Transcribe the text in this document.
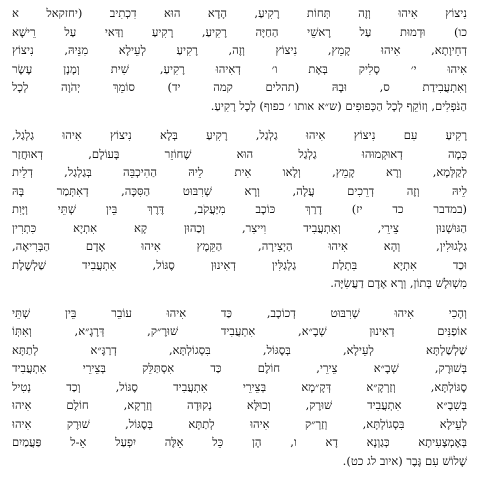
נִיצוֹץ אִיהוּ וְזֶה תְּחוֹת רָקִיעַ, הָדָא הוּא דִכְתִיב (יחזקאל א
כו) וּדְמוּת עַל רָאשֵׁי הַחַיָּה רָקִיעַ, רָקִיעַ וַדַּאי עַל רֵישָׁא
דְחֵיוָתָא, אִיהוּ קָמֵץ, נִיצוֹץ וְזֶה, רָקִיעַ לְעֵילָא מִנֵּיהּ, נִיצוֹץ
אִיהוּ י׳ סָלִיק בְּאָת ו׳ דְאִיהוּ רָקִיעַ, שִׁית וְמָנָן עֶשֶׂר
וְאִתְעֲבִידַת ס, וּבָהּ (תהלים קמה יד) סוֹמֵךְ יְהֹוָה לְכָל
הַנֹּפְלִים, וְזוֹקֵף לְכָל הַכְּפוּפִים (ש״א אותו ׳ כפוף) לְכָל רָקִיעַ.

רָקִיעַ עִם נִיצוֹץ אִיהוּ גַלְגַל, רָקִיעַ בְּלָא נִיצוֹץ אִיהוּ גַלְגַל,
כְּמָה דְאוּקְמוּהוּ גַלְגַל הוּא שֶׁחוֹזֵר בָּעוֹלָם, דְאוּחֲזַר
לְקַלְּמָא, וְרָא קָמֵץ, וְלָאו אִית לֵיהּ הַהִיכְבֵּה בְּגַלְגַל, דְלֵית
לֵיהּ וְזֶה דְרֵכִים עֲלָה, וְרָא שְׁרִבּוּט הַסִּכָּה, דְאִתְּמַר בָּהּ
(במדבר כד יז) דָרַךְ כּוֹכָב מִיַּעֲקֹב, דֶּרֶךְ בֵּין שְׁתֵּי וְיָּוִת
הַגּוּשְׁנוּן צֵירֵי, וְאִתְעֲבִיד וִייצִר, וְכַהוּן קָא אִתְיָא כִּתְרִין
גַלְגוּלִין, וְהָא אִיהוּ הַיְצִירָה, הַקֵּמֶץ אִיהוּ אָדָם הַבְּרִיאָה,
וּכַד אִתְיָא בִּתְלַת גַלְגַלִּין דְאִינוּן סֶגּוֹל, אִתְעֲבִיד שַׁלְשֶׁלֶת
מִשְׁוּלָשׁ בְּתוֹן, וְרָא אָדָם דַעֲשִׂיָּה.

וְהָכִי אִיהוּ שְׁרִבּוּט דְכוֹכָב, כַּד אִיהוּ עוֹבֵר בֵּין שְׁתֵּי
אוֹפַנִּים דְאִינוּן שְׁבָ״א, אִתְעֲבִיד שׁוּרֶ״ק, דְּרָגָ״א, וְאִתְּוֹ
שַׁלְשַׁלְתָּא לְעֵילָא, בְּסֶגּוֹל, בִּסְגוֹלְתָּא, דְרַגָּ״א לְתַתָּא
בְּשׁוּרֶק, שְׁבָ״א צֵירֵי, חוֹלֶם כַּד אִסְתַּלֵּק בְּצֵירֵי אִתְעֲבִיד
סֶגּוֹלְתָּא, וְזַרְקָ״א דְּקָ״מָא בְּצֵירֵי אִתְעֲבִיד סֶגּוֹל, וְכַד נְטִיל
בְּשִׁבָ״א אִתְעֲבִיד שׁוּרֶק, וְכוּלָּא נְקוּדָה וְזַרְקָא, חוֹלֶם אִיהוּ
לְעֵילָא בִּסְגוֹלְתָּא, וְזַרְ״ק אִיהוּ לְתַתָּא בְּסֶגּוֹל, שׁוּרֶק אִיהוּ
בְּאֶמְצָעִיתָא כְּגַוְנָא דָא ו, הָן כֵּל אֵלֶּה יִפְעַל אֵ-ל פַּעֲמַיִם
שָׁלוֹשׁ עִם גָּבֶר (איוב לג כט).
